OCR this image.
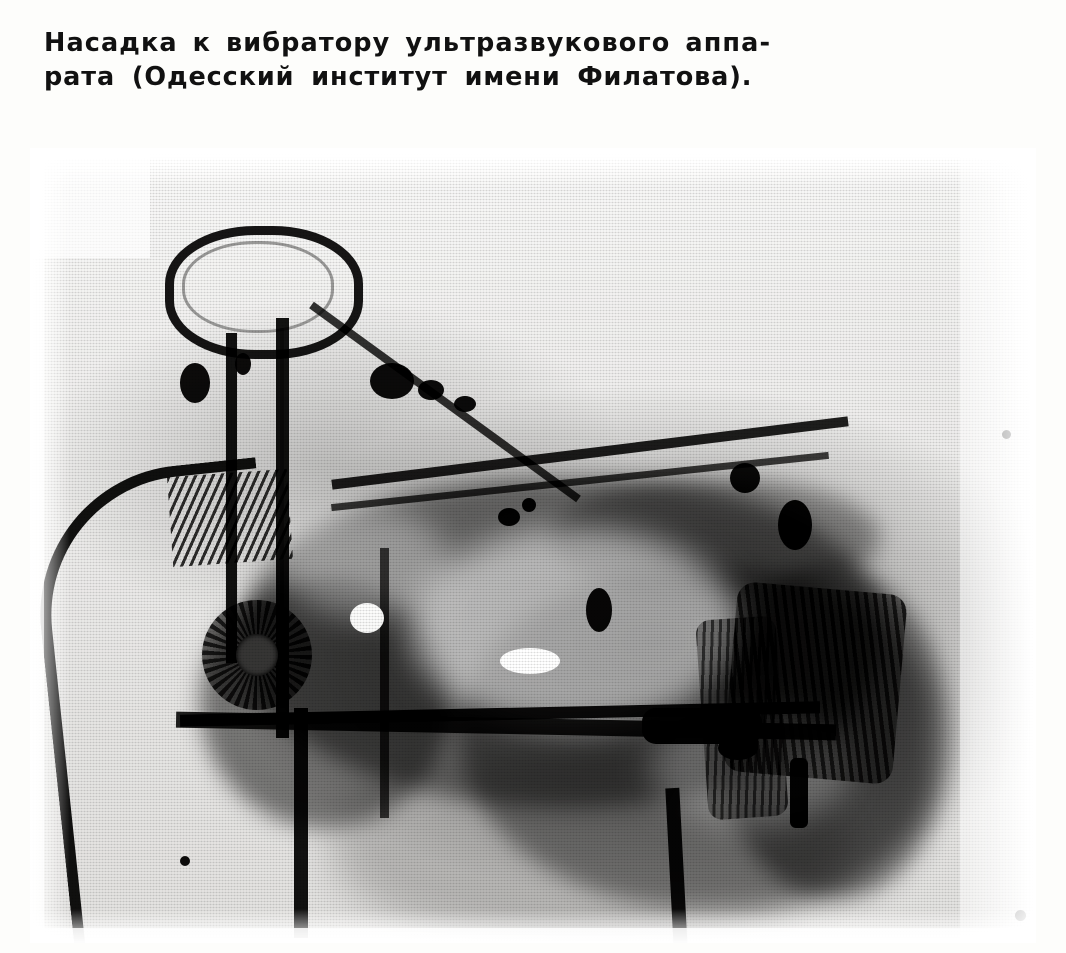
Насадка к вибратору ультразвукового аппа-
рата (Одесский институт имени Филатова).
